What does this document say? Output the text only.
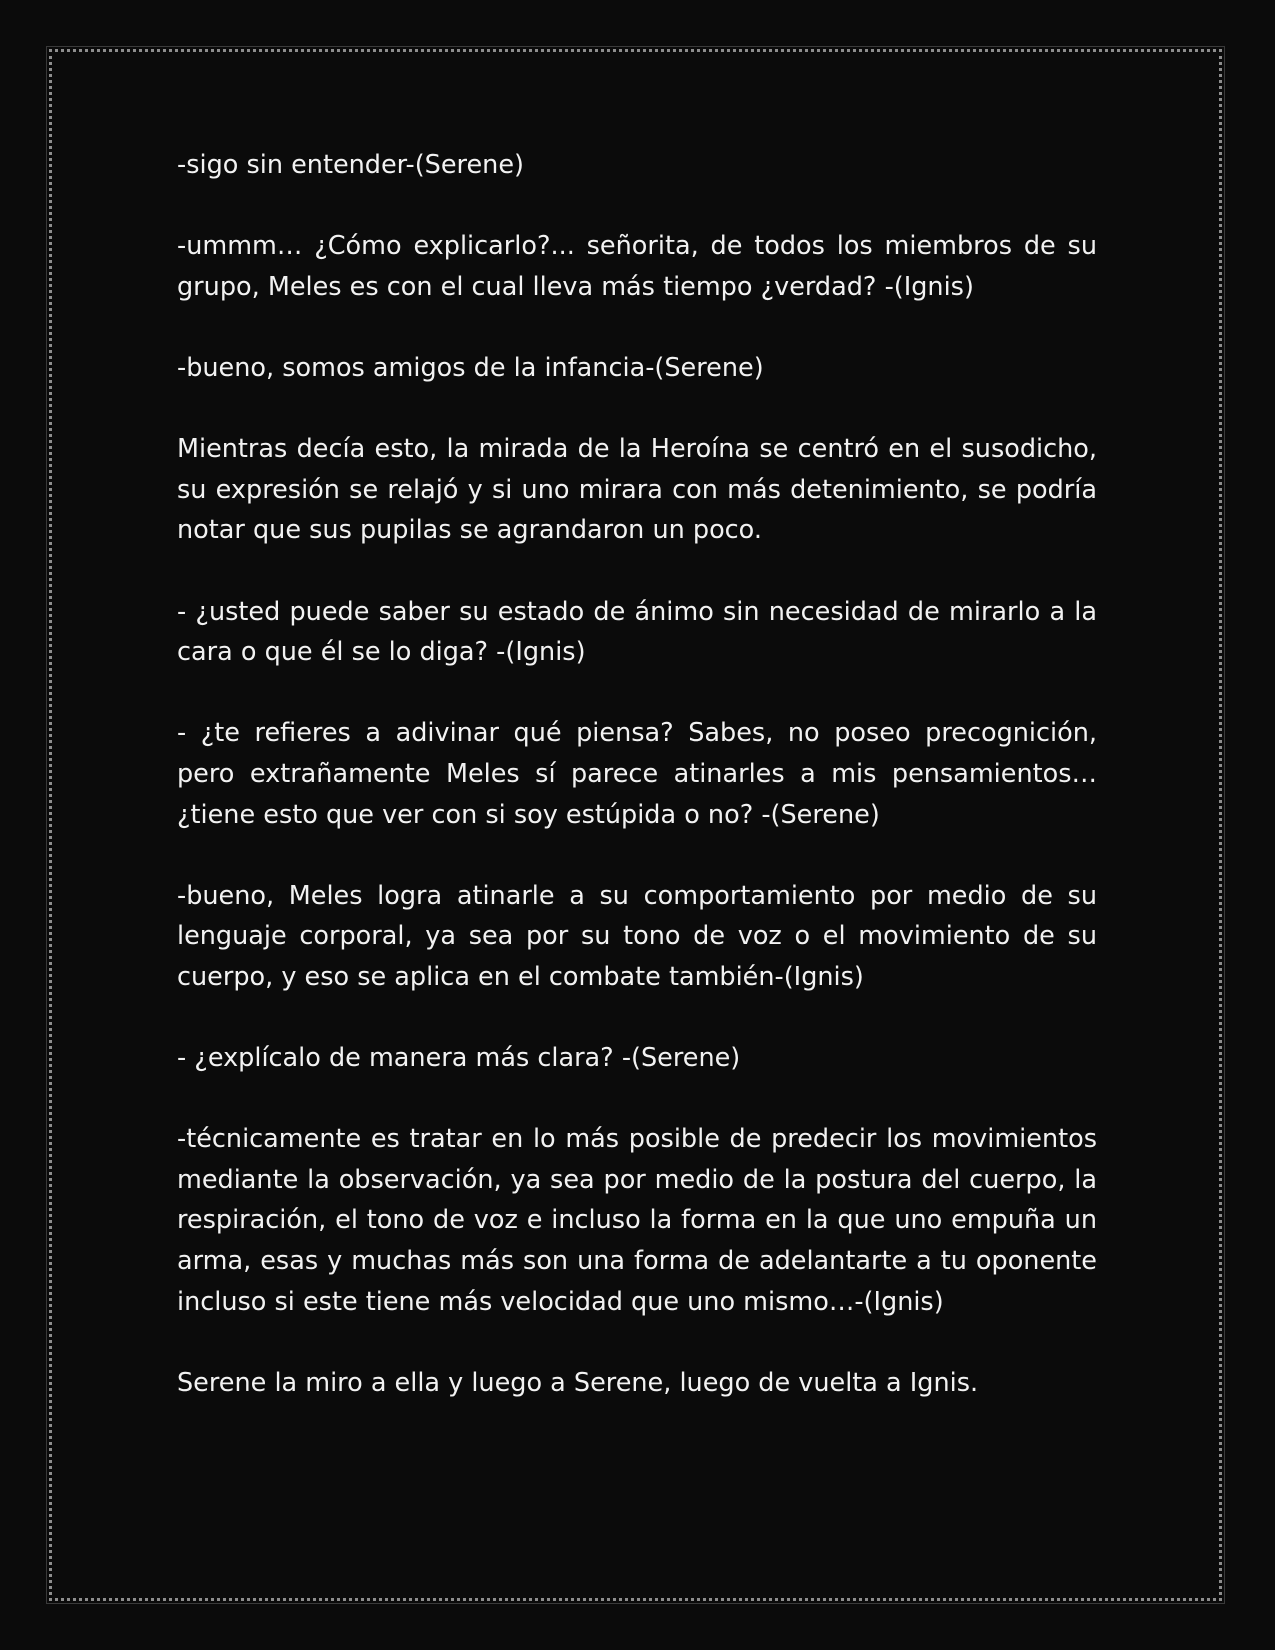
-sigo sin entender-(Serene)

-ummm… ¿Cómo explicarlo?... señorita, de todos los miembros de su grupo, Meles es con el cual lleva más tiempo ¿verdad? -(Ignis)

-bueno, somos amigos de la infancia-(Serene)

Mientras decía esto, la mirada de la Heroína se centró en el susodicho, su expresión se relajó y si uno mirara con más detenimiento, se podría notar que sus pupilas se agrandaron un poco.

- ¿usted puede saber su estado de ánimo sin necesidad de mirarlo a la cara o que él se lo diga? -(Ignis)

- ¿te refieres a adivinar qué piensa? Sabes, no poseo precognición, pero extrañamente Meles sí parece atinarles a mis pensamientos… ¿tiene esto que ver con si soy estúpida o no? -(Serene)

-bueno, Meles logra atinarle a su comportamiento por medio de su lenguaje corporal, ya sea por su tono de voz o el movimiento de su cuerpo, y eso se aplica en el combate también-(Ignis)

- ¿explícalo de manera más clara? -(Serene)

-técnicamente es tratar en lo más posible de predecir los movimientos mediante la observación, ya sea por medio de la postura del cuerpo, la respiración, el tono de voz e incluso la forma en la que uno empuña un arma, esas y muchas más son una forma de adelantarte a tu oponente incluso si este tiene más velocidad que uno mismo…-(Ignis)

Serene la miro a ella y luego a Serene, luego de vuelta a Ignis.
